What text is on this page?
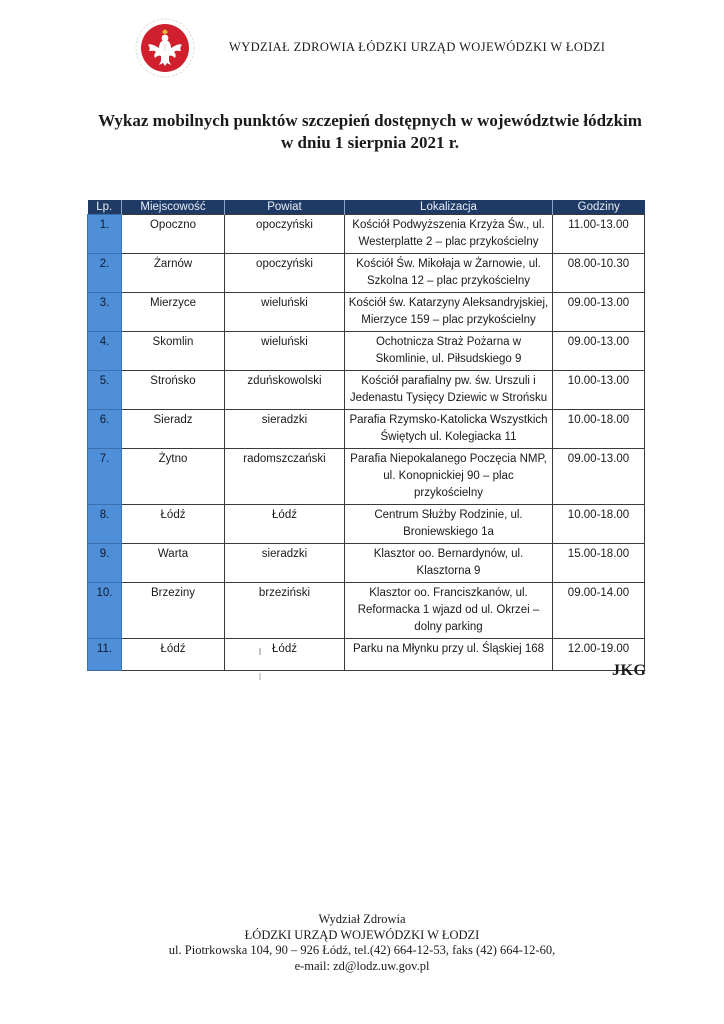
WYDZIAŁ ZDROWIA ŁÓDZKI URZĄD WOJEWÓDZKI W ŁODZI
Wykaz mobilnych punktów szczepień dostępnych w województwie łódzkim
w dniu 1 sierpnia 2021 r.
Lp.	Miejscowość	Powiat	Lokalizacja	Godziny
1.	Opoczno	opoczyński	Kościół Podwyższenia Krzyża Św., ul. Westerplatte 2 – plac przykościelny	11.00-13.00
2.	Żarnów	opoczyński	Kościół Św. Mikołaja w Żarnowie, ul. Szkolna 12 – plac przykościelny	08.00-10.30
3.	Mierzyce	wieluński	Kościół św. Katarzyny Aleksandryjskiej, Mierzyce 159 – plac przykościelny	09.00-13.00
4.	Skomlin	wieluński	Ochotnicza Straż Pożarna w Skomlinie, ul. Piłsudskiego 9	09.00-13.00
5.	Strońsko	zduńskowolski	Kościół parafialny pw. św. Urszuli i Jedenastu Tysięcy Dziewic w Strońsku	10.00-13.00
6.	Sieradz	sieradzki	Parafia Rzymsko-Katolicka Wszystkich Świętych ul. Kolegiacka 11	10.00-18.00
7.	Żytno	radomszczański	Parafia Niepokalanego Poczęcia NMP, ul. Konopnickiej 90 – plac przykościelny	09.00-13.00
8.	Łódź	Łódź	Centrum Służby Rodzinie, ul. Broniewskiego 1a	10.00-18.00
9.	Warta	sieradzki	Klasztor oo. Bernardynów, ul. Klasztorna 9	15.00-18.00
10.	Brzeziny	brzeziński	Klasztor oo. Franciszkanów, ul. Reformacka 1 wjazd od ul. Okrzei – dolny parking	09.00-14.00
11.	Łódź	Łódź	Parku na Młynku przy ul. Śląskiej 168	12.00-19.00
JKG
Wydział Zdrowia
ŁÓDZKI URZĄD WOJEWÓDZKI W ŁODZI
ul. Piotrkowska 104, 90 – 926 Łódź, tel.(42) 664-12-53, faks (42) 664-12-60,
e-mail: zd@lodz.uw.gov.pl
